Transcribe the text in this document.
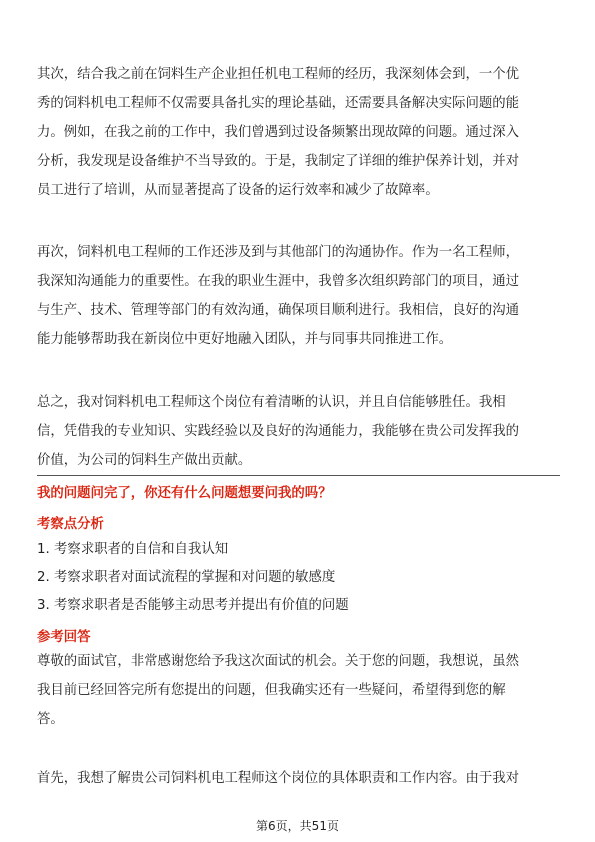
其次，结合我之前在饲料生产企业担任机电工程师的经历，我深刻体会到，一个优
秀的饲料机电工程师不仅需要具备扎实的理论基础，还需要具备解决实际问题的能
力。例如，在我之前的工作中，我们曾遇到过设备频繁出现故障的问题。通过深入
分析，我发现是设备维护不当导致的。于是，我制定了详细的维护保养计划，并对
员工进行了培训，从而显著提高了设备的运行效率和减少了故障率。

再次，饲料机电工程师的工作还涉及到与其他部门的沟通协作。作为一名工程师，
我深知沟通能力的重要性。在我的职业生涯中，我曾多次组织跨部门的项目，通过
与生产、技术、管理等部门的有效沟通，确保项目顺利进行。我相信，良好的沟通
能力能够帮助我在新岗位中更好地融入团队，并与同事共同推进工作。

总之，我对饲料机电工程师这个岗位有着清晰的认识，并且自信能够胜任。我相
信，凭借我的专业知识、实践经验以及良好的沟通能力，我能够在贵公司发挥我的
价值，为公司的饲料生产做出贡献。

我的问题问完了，你还有什么问题想要问我的吗？

考察点分析

1. 考察求职者的自信和自我认知
2. 考察求职者对面试流程的掌握和对问题的敏感度
3. 考察求职者是否能够主动思考并提出有价值的问题

参考回答

尊敬的面试官，非常感谢您给予我这次面试的机会。关于您的问题，我想说，虽然
我目前已经回答完所有您提出的问题，但我确实还有一些疑问，希望得到您的解
答。

首先，我想了解贵公司饲料机电工程师这个岗位的具体职责和工作内容。由于我对

第6页，共51页
